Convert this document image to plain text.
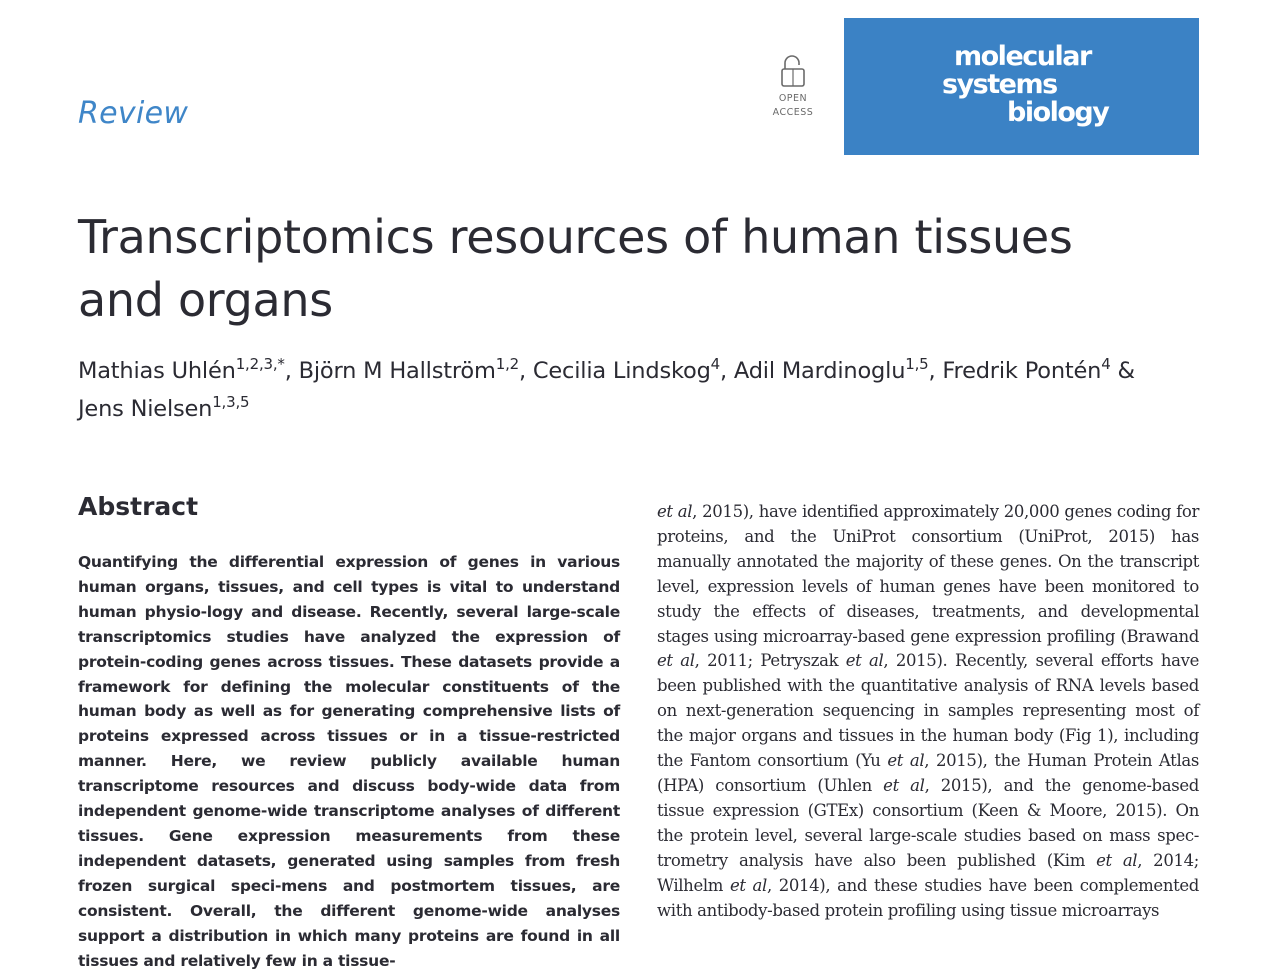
Review	OPEN
ACCESS
molecular
systems
biology
Transcriptomics resources of human tissues
and organs
Mathias Uhlén$^{1,2,3,*}$, Björn M Hallström$^{1,2}$, Cecilia Lindskog$^4$, Adil Mardinoglu$^{1,5}$, Fredrik Pontén$^4$ &
Jens Nielsen$^{1,3,5}$
Abstract

Quantifying the differential expression of genes in various human organs, tissues, and cell types is vital to understand human physio-logy and disease. Recently, several large-scale transcriptomics studies have analyzed the expression of protein-coding genes across tissues. These datasets provide a framework for defining the molecular constituents of the human body as well as for generating comprehensive lists of proteins expressed across tissues or in a tissue-restricted manner. Here, we review publicly available human transcriptome resources and discuss body-wide data from independent genome-wide transcriptome analyses of different tissues. Gene expression measurements from these independent datasets, generated using samples from fresh frozen surgical speci-mens and postmortem tissues, are consistent. Overall, the different genome-wide analyses support a distribution in which many proteins are found in all tissues and relatively few in a tissue-

et al, 2015), have identified approximately 20,000 genes coding for proteins, and the UniProt consortium (UniProt, 2015) has manually annotated the majority of these genes. On the transcript level, expression levels of human genes have been monitored to study the effects of diseases, treatments, and developmental stages using microarray-based gene expression profiling (Brawand et al, 2011; Petryszak et al, 2015). Recently, several efforts have been published with the quantitative analysis of RNA levels based on next-generation sequencing in samples representing most of the major organs and tissues in the human body (Fig 1), including the Fantom consortium (Yu et al, 2015), the Human Protein Atlas (HPA) consortium (Uhlen et al, 2015), and the genome-based tissue expression (GTEx) consortium (Keen & Moore, 2015). On the protein level, several large-scale studies based on mass spec-trometry analysis have also been published (Kim et al, 2014; Wilhelm et al, 2014), and these studies have been complemented with antibody-based protein profiling using tissue microarrays
